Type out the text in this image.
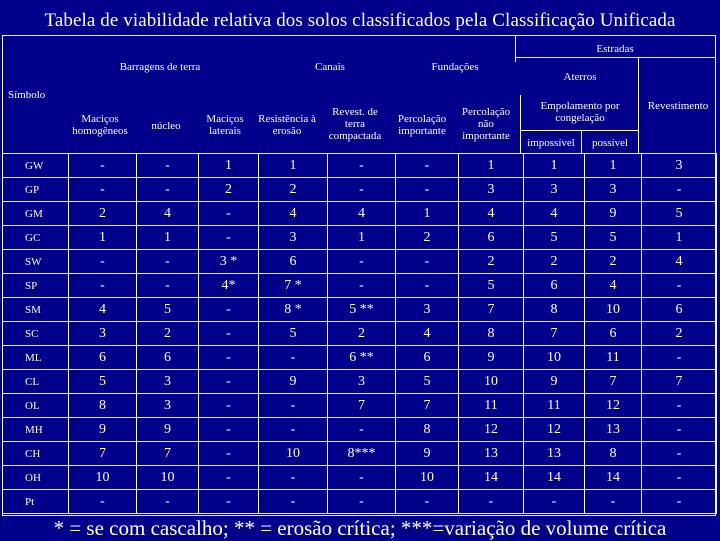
Tabela de viabilidade relativa dos solos classificados pela Classificação Unificada
Estradas
Barragens de terra	Canais	Fundações
Aterros
Símbolo
Maciços homogêneos	núcleo
Maciços laterais
Resistência à erosão
Revest. de terra compactada
Percolação importante
Percolação não importante
Empolamento por congelação
Revestimento
impossível	possível
GW	-	-	1	1	-	-	1	1	1	3
GP	-	-	2	2	-	-	3	3	3	-
GM	2	4	-	4	4	1	4	4	9	5
GC	1	1	-	3	1	2	6	5	5	1
SW	-	-	3 *	6	-	-	2	2	2	4
SP	-	-	4*	7 *	-	-	5	6	4	-
SM	4	5	-	8 *	5 **	3	7	8	10	6
SC	3	2	-	5	2	4	8	7	6	2
ML	6	6	-	-	6 **	6	9	10	11	-
CL	5	3	-	9	3	5	10	9	7	7
OL	8	3	-	-	7	7	11	11	12	-
MH	9	9	-	-	-	8	12	12	13	-
CH	7	7	-	10	8***	9	13	13	8	-
OH	10	10	-	-	-	10	14	14	14	-
Pt	-	-	-	-	-	-	-	-	-	-
* = se com cascalho; ** = erosão crítica; ***=variação de volume crítica
